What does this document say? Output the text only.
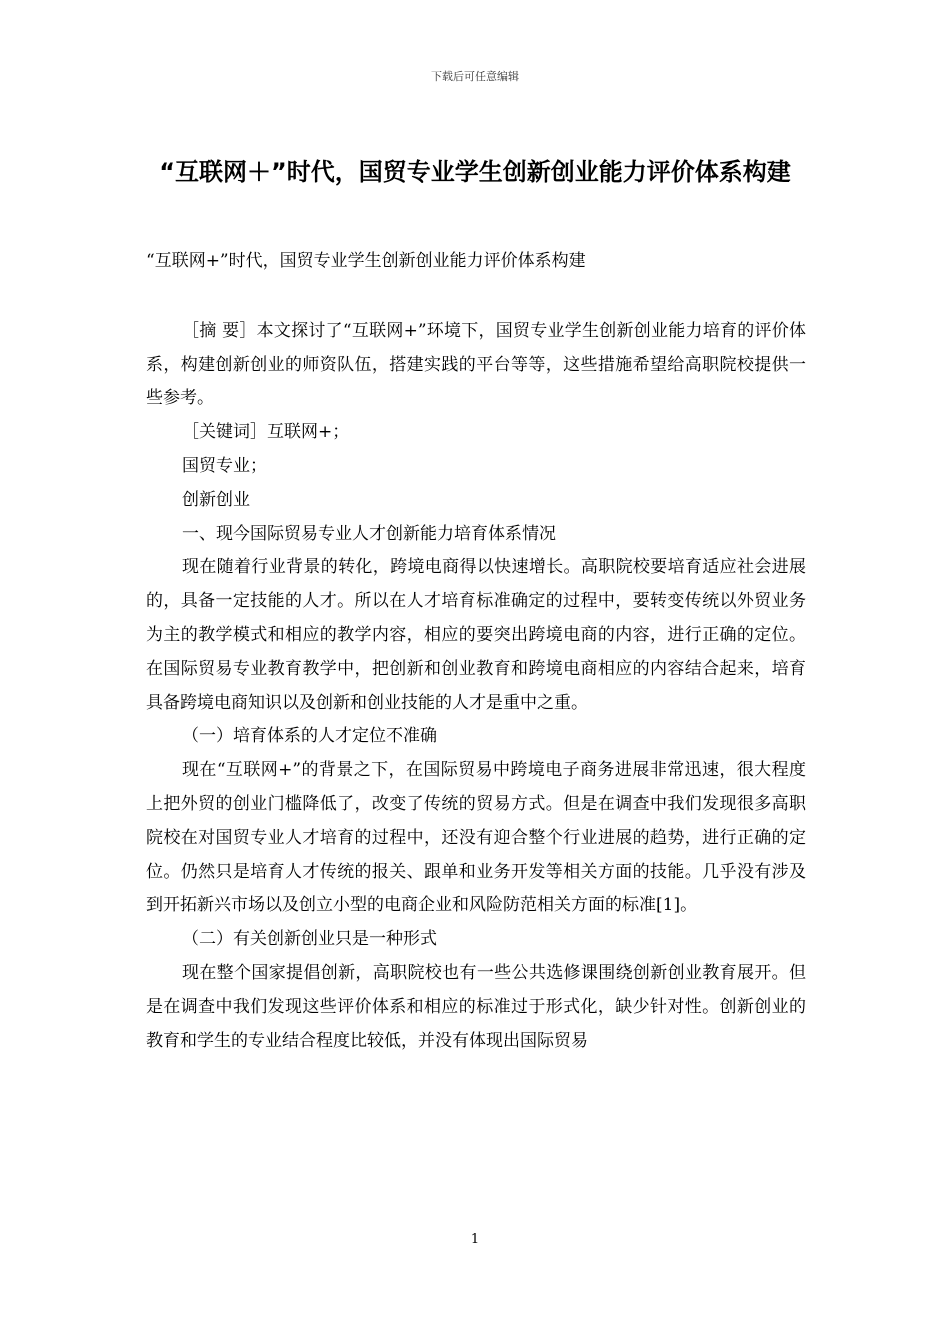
下载后可任意编辑
“互联网＋”时代，国贸专业学生创新创业能力评价体系构建

“互联网+”时代，国贸专业学生创新创业能力评价体系构建

［摘 要］本文探讨了“互联网+”环境下，国贸专业学生创新创业能力培育的评价体系，构建创新创业的师资队伍，搭建实践的平台等等，这些措施希望给高职院校提供一些参考。

［关键词］互联网+；

国贸专业；

创新创业

一、现今国际贸易专业人才创新能力培育体系情况

现在随着行业背景的转化，跨境电商得以快速增长。高职院校要培育适应社会进展的，具备一定技能的人才。所以在人才培育标准确定的过程中，要转变传统以外贸业务为主的教学模式和相应的教学内容，相应的要突出跨境电商的内容，进行正确的定位。在国际贸易专业教育教学中，把创新和创业教育和跨境电商相应的内容结合起来，培育具备跨境电商知识以及创新和创业技能的人才是重中之重。

（一）培育体系的人才定位不准确

现在“互联网+”的背景之下，在国际贸易中跨境电子商务进展非常迅速，很大程度上把外贸的创业门槛降低了，改变了传统的贸易方式。但是在调查中我们发现很多高职院校在对国贸专业人才培育的过程中，还没有迎合整个行业进展的趋势，进行正确的定位。仍然只是培育人才传统的报关、跟单和业务开发等相关方面的技能。几乎没有涉及到开拓新兴市场以及创立小型的电商企业和风险防范相关方面的标准[1]。

（二）有关创新创业只是一种形式

现在整个国家提倡创新，高职院校也有一些公共选修课围绕创新创业教育展开。但是在调查中我们发现这些评价体系和相应的标准过于形式化，缺少针对性。创新创业的教育和学生的专业结合程度比较低，并没有体现出国际贸易

1
